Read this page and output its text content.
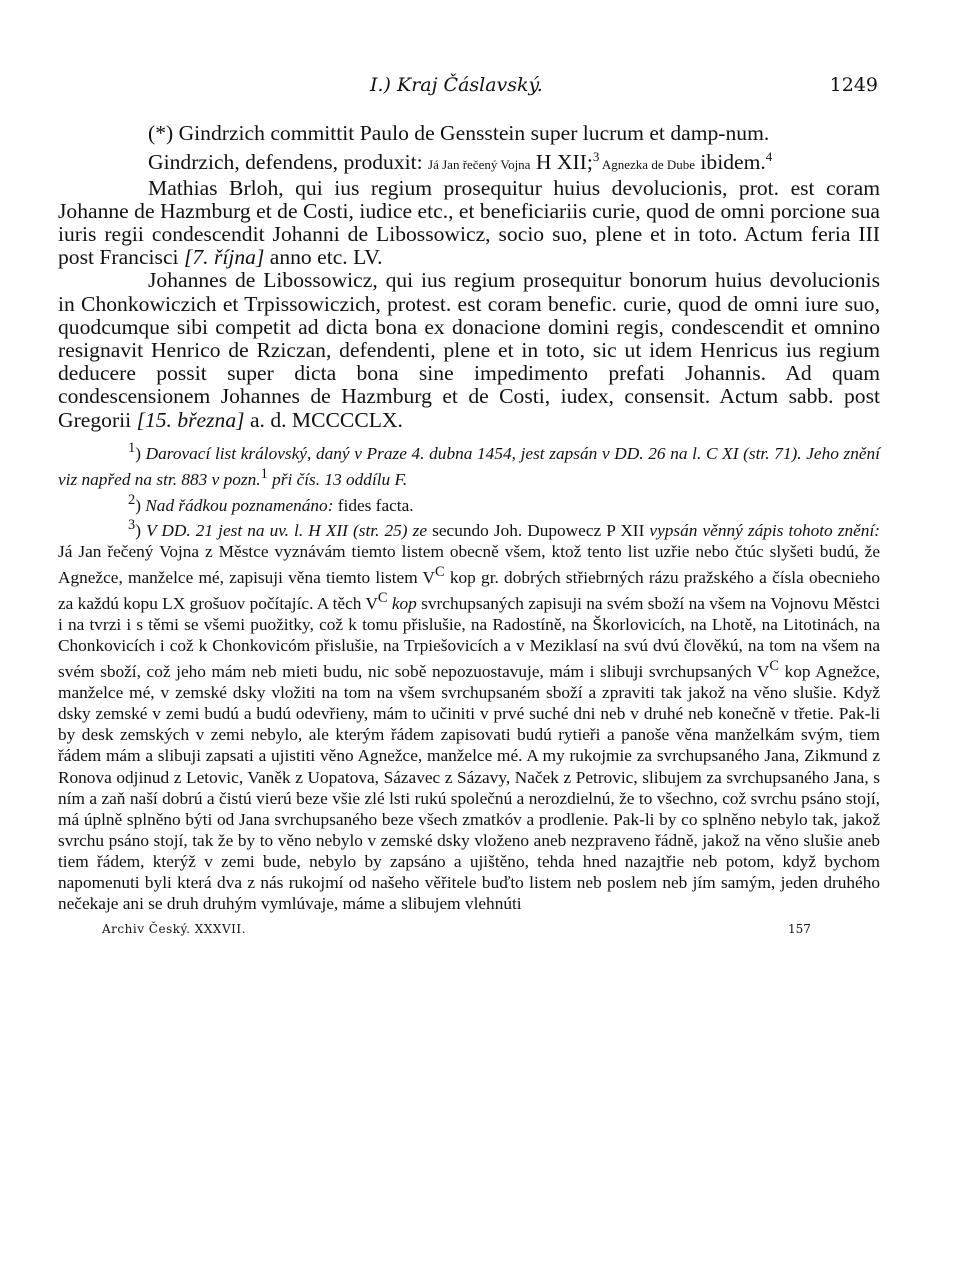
I.) Kraj Čáslavský.	1249

(*) Gindrzich committit Paulo de Gensstein super lucrum et damp-num.

Gindrzich, defendens, produxit: Já Jan řečený Vojna H XII;$^3$ Agnezka de Dube ibidem.$^4$

Mathias Brloh, qui ius regium prosequitur huius devolucionis, prot. est coram Johanne de Hazmburg et de Costi, iudice etc., et beneficiariis curie, quod de omni porcione sua iuris regii condescendit Johanni de Libossowicz, socio suo, plene et in toto. Actum feria III post Francisci [7. října] anno etc. LV.

Johannes de Libossowicz, qui ius regium prosequitur bonorum huius devolucionis in Chonkowiczich et Trpissowiczich, protest. est coram benefic. curie, quod de omni iure suo, quodcumque sibi competit ad dicta bona ex donacione domini regis, condescendit et omnino resignavit Henrico de Rziczan, defendenti, plene et in toto, sic ut idem Henricus ius regium deducere possit super dicta bona sine impedimento prefati Johannis. Ad quam condescensionem Johannes de Hazmburg et de Costi, iudex, consensit. Actum sabb. post Gregorii [15. března] a. d. MCCCCLX.

$^1$) Darovací list královský, daný v Praze 4. dubna 1454, jest zapsán v DD. 26 na l. C XI (str. 71). Jeho znění viz napřed na str. 883 v pozn.$^1$ při čís. 13 oddílu F.

$^2$) Nad řádkou poznamenáno: fides facta.

$^3$) V DD. 21 jest na uv. l. H XII (str. 25) ze secundo Joh. Dupowecz P XII vypsán věnný zápis tohoto znění: Já Jan řečený Vojna z Městce vyznávám tiemto listem obecně všem, ktož tento list uzřie nebo čtúc slyšeti budú, že Agnežce, manželce mé, zapisuji věna tiemto listem $V^C$ kop gr. dobrých střiebrných rázu pražského a čísla obecnieho za každú kopu LX grošuov počítajíc. A těch $V^C$ kop svrchupsaných zapisuji na svém sboží na všem na Vojnovu Městci i na tvrzi i s těmi se všemi puožitky, což k tomu přislušie, na Radostíně, na Škorlovicích, na Lhotě, na Litotinách, na Chonkovicích i což k Chonkovicóm přislušie, na Trpiešovicích a v Meziklasí na svú dvú člověkú, na tom na všem na svém sboží, což jeho mám neb mieti budu, nic sobě nepozuostavuje, mám i slibuji svrchupsaných $V^C$ kop Agnežce, manželce mé, v zemské dsky vložiti na tom na všem svrchupsaném sboží a zpraviti tak jakož na věno slušie. Když dsky zemské v zemi budú a budú odevřieny, mám to učiniti v prvé suché dni neb v druhé neb konečně v třetie. Pak-li by desk zemských v zemi nebylo, ale kterým řádem zapisovati budú rytieři a panoše věna manželkám svým, tiem řádem mám a slibuji zapsati a ujistiti věno Agnežce, manželce mé. A my rukojmie za svrchupsaného Jana, Zikmund z Ronova odjinud z Letovic, Vaněk z Uopatova, Sázavec z Sázavy, Naček z Petrovic, slibujem za svrchupsaného Jana, s ním a zaň naší dobrú a čistú vierú beze všie zlé lsti rukú společnú a nerozdielnú, že to všechno, což svrchu psáno stojí, má úplně splněno býti od Jana svrchupsaného beze všech zmatkóv a prodlenie. Pak-li by co splněno nebylo tak, jakož svrchu psáno stojí, tak že by to věno nebylo v zemské dsky vloženo aneb nezpraveno řádně, jakož na věno slušie aneb tiem řádem, kterýž v zemi bude, nebylo by zapsáno a ujištěno, tehda hned nazajtřie neb potom, když bychom napomenuti byli která dva z nás rukojmí od našeho věřitele buďto listem neb poslem neb jím samým, jeden druhého nečekaje ani se druh druhým vymlúvaje, máme a slibujem vlehnúti

Archiv Český. XXXVII.	157
